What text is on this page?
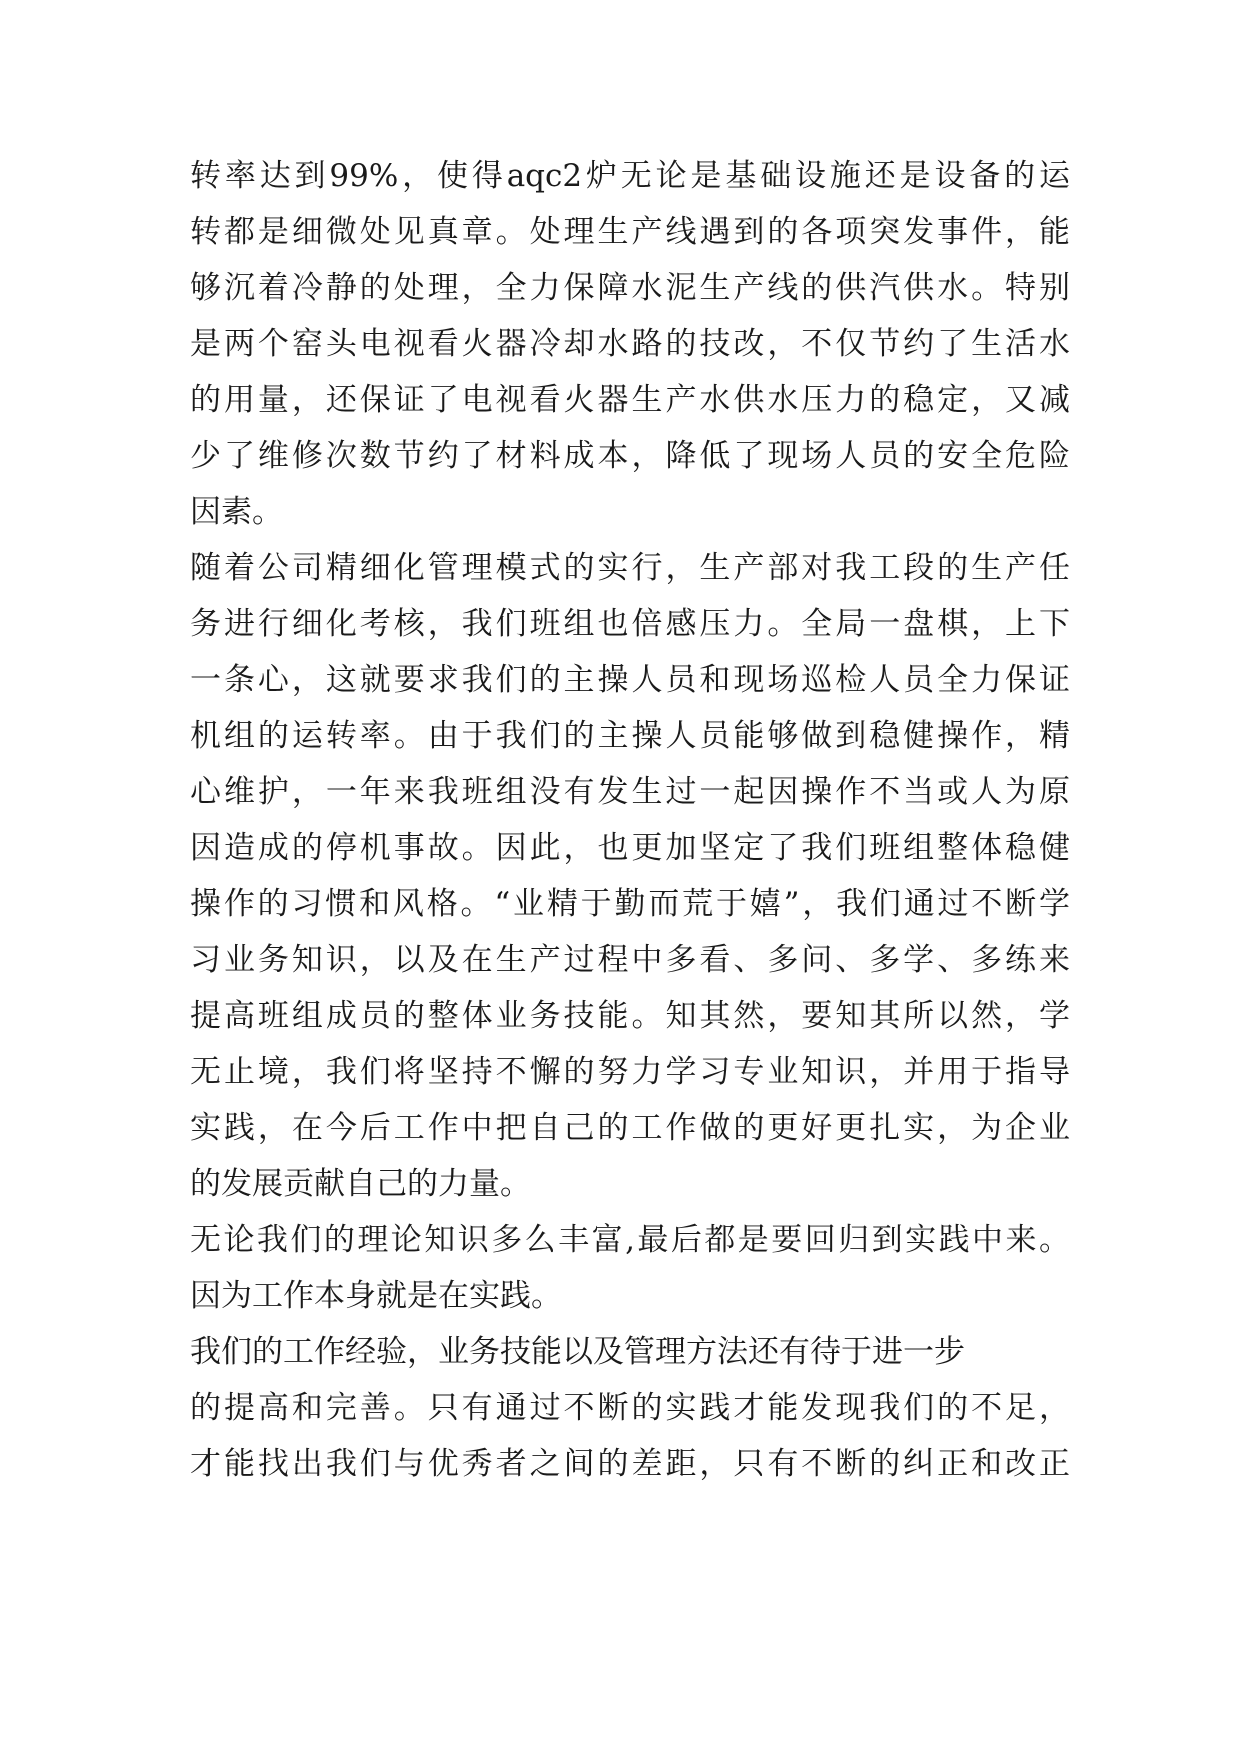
转率达到99%，使得aqc2炉无论是基础设施还是设备的运
转都是细微处见真章。处理生产线遇到的各项突发事件，能
够沉着冷静的处理，全力保障水泥生产线的供汽供水。特别
是两个窑头电视看火器冷却水路的技改，不仅节约了生活水
的用量，还保证了电视看火器生产水供水压力的稳定，又减
少了维修次数节约了材料成本，降低了现场人员的安全危险
因素。
随着公司精细化管理模式的实行，生产部对我工段的生产任
务进行细化考核，我们班组也倍感压力。全局一盘棋，上下
一条心，这就要求我们的主操人员和现场巡检人员全力保证
机组的运转率。由于我们的主操人员能够做到稳健操作，精
心维护，一年来我班组没有发生过一起因操作不当或人为原
因造成的停机事故。因此，也更加坚定了我们班组整体稳健
操作的习惯和风格。“业精于勤而荒于嬉”，我们通过不断学
习业务知识，以及在生产过程中多看、多问、多学、多练来
提高班组成员的整体业务技能。知其然，要知其所以然，学
无止境，我们将坚持不懈的努力学习专业知识，并用于指导
实践，在今后工作中把自己的工作做的更好更扎实，为企业
的发展贡献自己的力量。
无论我们的理论知识多么丰富,最后都是要回归到实践中来。
因为工作本身就是在实践。
我们的工作经验，业务技能以及管理方法还有待于进一步
的提高和完善。只有通过不断的实践才能发现我们的不足，
才能找出我们与优秀者之间的差距，只有不断的纠正和改正
